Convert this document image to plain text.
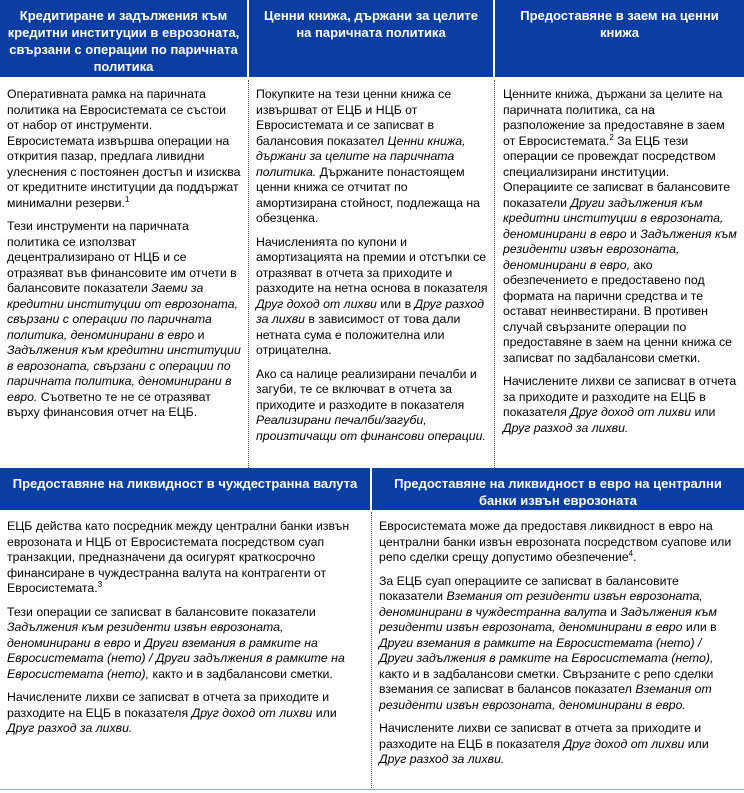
Кредитиране и задължения към кредитни институции в еврозоната, свързани с операции по паричната политика
Ценни книжа, държани за целите на паричната политика
Предоставяне в заем на ценни книжа

Оперативната рамка на паричната политика на Евросистемата се състои от набор от инструменти. Евросистемата извършва операции на открития пазар, предлага ливидни улеснения с постоянен достъп и изисква от кредитните институции да поддържат минимални резерви.$^1$

Тези инструменти на паричната политика се използват децентрализирано от НЦБ и се отразяват във финансовите им отчети в балансовите показатели Заеми за кредитни институции от еврозоната, свързани с операции по паричната политика, деноминирани в евро и Задължения към кредитни институции в еврозоната, свързани с операции по паричната политика, деноминирани в евро. Съответно те не се отразяват върху финансовия отчет на ЕЦБ.

Покупките на тези ценни книжа се извършват от ЕЦБ и НЦБ от Евросистемата и се записват в балансовия показател Ценни книжа, държани за целите на паричната политика. Държаните понастоящем ценни книжа се отчитат по амортизирана стойност, подлежаща на обезценка.

Начисленията по купони и амортизацията на премии и отстъпки се отразяват в отчета за приходите и разходите на нетна основа в показателя Друг доход от лихви или в Друг разход за лихви в зависимост от това дали нетната сума е положителна или отрицателна.

Ако са налице реализирани печалби и загуби, те се включват в отчета за приходите и разходите в показателя Реализирани печалби/загуби, произтичащи от финансови операции.

Ценните книжа, държани за целите на паричната политика, са на разположение за предоставяне в заем от Евросистемата.$^2$ За ЕЦБ тези операции се провеждат посредством специализирани институции.

Операциите се записват в балансовите показатели Други задължения към кредитни институции в еврозоната, деноминирани в евро и Задължения към резиденти извън еврозоната, деноминирани в евро, ако обезпечението е предоставено под формата на парични средства и те остават неинвестирани. В противен случай свързаните операции по предоставяне в заем на ценни книжа се записват по задбалансови сметки.

Начислените лихви се записват в отчета за приходите и разходите на ЕЦБ в показателя Друг доход от лихви или Друг разход за лихви.

Предоставяне на ликвидност в чуждестранна валута	Предоставяне на ликвидност в евро на централни банки извън еврозоната

ЕЦБ действа като посредник между централни банки извън еврозоната и НЦБ от Евросистемата посредством суап транзакции, предназначени да осигурят краткосрочно финансиране в чуждестранна валута на контрагенти от Евросистемата.$^3$

Тези операции се записват в балансовите показатели Задължения към резиденти извън еврозоната, деноминирани в евро и Други вземания в рамките на Евросистемата (нето) / Други задължения в рамките на Евросистемата (нето), както и в задбалансови сметки.

Начислените лихви се записват в отчета за приходите и разходите на ЕЦБ в показателя Друг доход от лихви или Друг разход за лихви.

Евросистемата може да предоставя ликвидност в евро на централни банки извън еврозоната посредством суапове или репо сделки срещу допустимо обезпечение$^4$.

За ЕЦБ суап операциите се записват в балансовите показатели Вземания от резиденти извън еврозоната, деноминирани в чуждестранна валута и Задължения към резиденти извън еврозоната, деноминирани в евро или в Други вземания в рамките на Евросистемата (нето) / Други задължения в рамките на Евросистемата (нето), както и в задбалансови сметки. Свързаните с репо сделки вземания се записват в балансов показател Вземания от резиденти извън еврозоната, деноминирани в евро.

Начислените лихви се записват в отчета за приходите и разходите на ЕЦБ в показателя Друг доход от лихви или Друг разход за лихви.
